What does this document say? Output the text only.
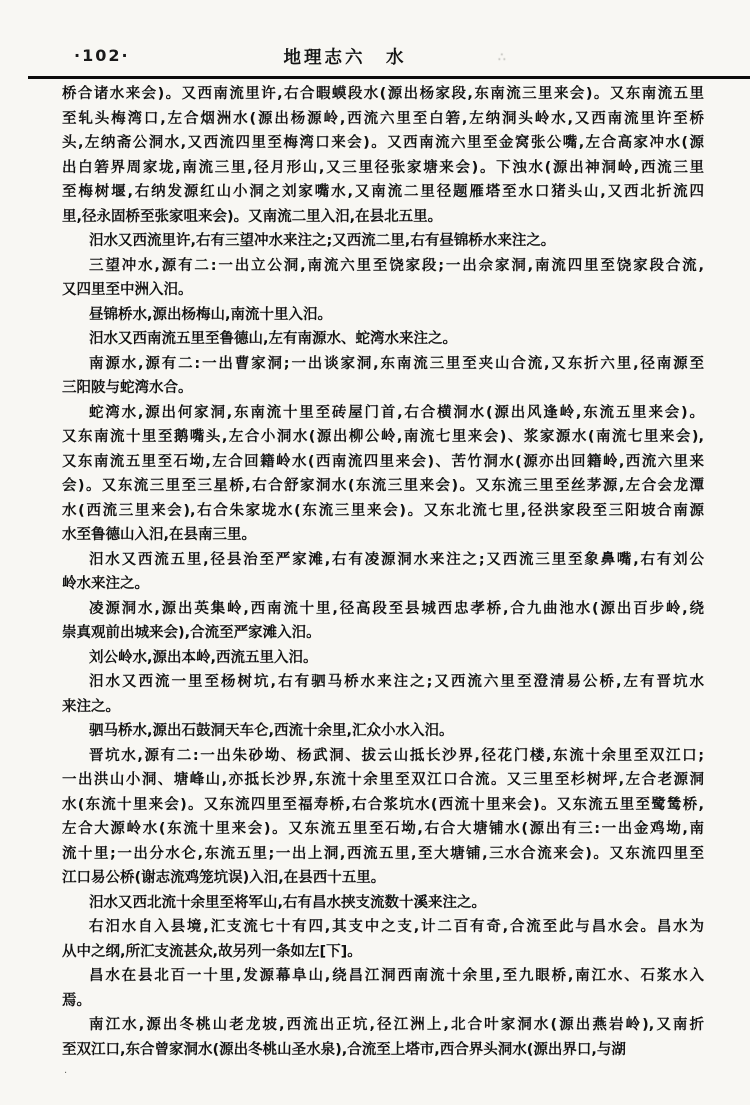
·102·	地理志六　水	∴

桥合诸水来会)。又西南流里许,右合暇蟆段水(源出杨家段,东南流三里来会)。又东南流五里
至轧头梅湾口,左合烟洲水(源出杨源岭,西流六里至白箬,左纳洞头岭水,又西南流里许至桥
头,左纳斋公洞水,又西流四里至梅湾口来会)。又西南流六里至金窝张公嘴,左合高家冲水(源
出白箬界周家垅,南流三里,径月形山,又三里径张家塘来会)。下浊水(源出神洞岭,西流三里
至梅树堰,右纳发源红山小洞之刘家嘴水,又南流二里径题雁塔至水口猪头山,又西北折流四
里,径永固桥至张家咀来会)。又南流二里入汨,在县北五里。

汨水又西流里许,右有三望冲水来注之;又西流二里,右有昼锦桥水来注之。

三望冲水,源有二:一出立公洞,南流六里至饶家段;一出佘家洞,南流四里至饶家段合流,
又四里至中洲入汨。

昼锦桥水,源出杨梅山,南流十里入汨。

汨水又西南流五里至鲁德山,左有南源水、蛇湾水来注之。

南源水,源有二:一出曹家洞;一出谈家洞,东南流三里至夹山合流,又东折六里,径南源至
三阳陂与蛇湾水合。

蛇湾水,源出何家洞,东南流十里至砖屋门首,右合横洞水(源出风逢岭,东流五里来会)。
又东南流十里至鹅嘴头,左合小洞水(源出柳公岭,南流七里来会)、浆家源水(南流七里来会),
又东南流五里至石坳,左合回籍岭水(西南流四里来会)、苦竹洞水(源亦出回籍岭,西流六里来
会)。又东流三里至三星桥,右合舒家洞水(东流三里来会)。又东流三里至丝茅源,左合会龙潭
水(西流三里来会),右合朱家垅水(东流三里来会)。又东北流七里,径洪家段至三阳坡合南源
水至鲁德山入汨,在县南三里。

汨水又西流五里,径县治至严家滩,右有凌源洞水来注之;又西流三里至象鼻嘴,右有刘公
岭水来注之。

凌源洞水,源出英集岭,西南流十里,径高段至县城西忠孝桥,合九曲池水(源出百步岭,绕
崇真观前出城来会),合流至严家滩入汨。

刘公岭水,源出本岭,西流五里入汨。

汨水又西流一里至杨树坑,右有驷马桥水来注之;又西流六里至澄清易公桥,左有晋坑水
来注之。

驷马桥水,源出石鼓洞天车仑,西流十余里,汇众小水入汨。

晋坑水,源有二:一出朱砂坳、杨武洞、拔云山抵长沙界,径花门楼,东流十余里至双江口;
一出洪山小洞、塘峰山,亦抵长沙界,东流十余里至双江口合流。又三里至杉树坪,左合老源洞
水(东流十里来会)。又东流四里至福寿桥,右合浆坑水(西流十里来会)。又东流五里至鹭鸶桥,
左合大源岭水(东流十里来会)。又东流五里至石坳,右合大塘铺水(源出有三:一出金鸡坳,南
流十里;一出分水仑,东流五里;一出上洞,西流五里,至大塘铺,三水合流来会)。又东流四里至
江口易公桥(谢志流鸡笼坑误)入汨,在县西十五里。

汨水又西北流十余里至将军山,右有昌水挟支流数十溪来注之。

右汨水自入县境,汇支流七十有四,其支中之支,计二百有奇,合流至此与昌水会。昌水为
从中之纲,所汇支流甚众,故另列一条如左[下]。

昌水在县北百一十里,发源幕阜山,绕昌江洞西南流十余里,至九眼桥,南江水、石浆水入
焉。

南江水,源出冬桃山老龙坡,西流出正坑,径江洲上,北合叶家洞水(源出燕岩岭),又南折
至双江口,东合曾家洞水(源出冬桃山圣水泉),合流至上塔市,西合界头洞水(源出界口,与湖

·
